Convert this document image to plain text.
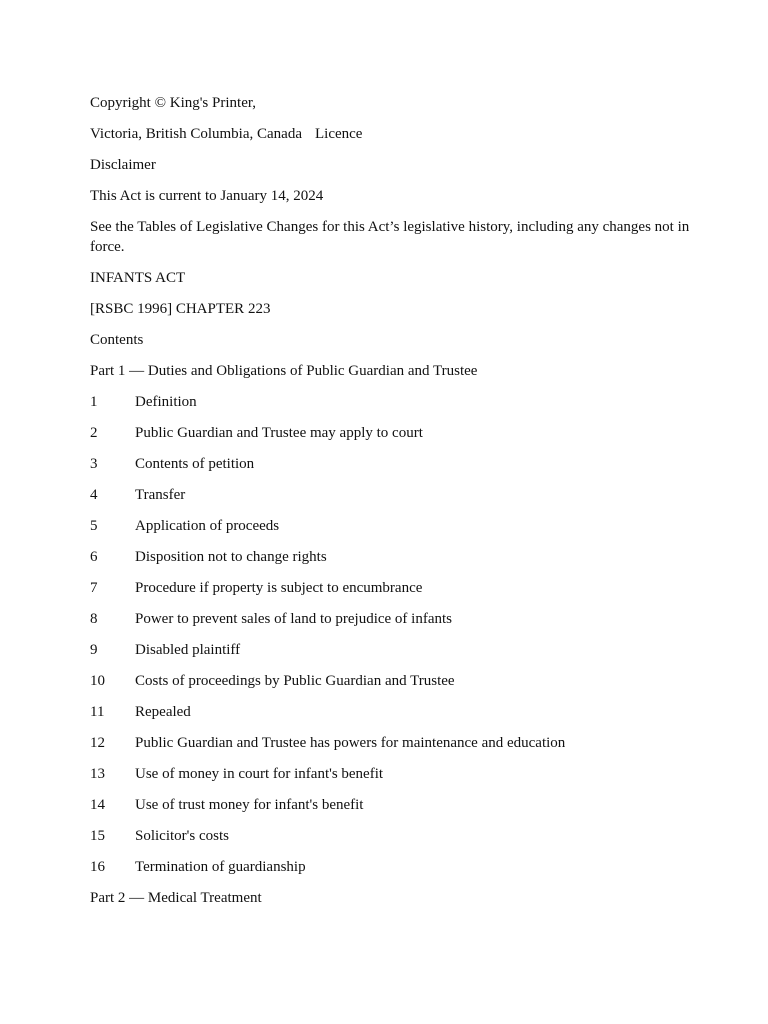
Copyright © King's Printer,
Victoria, British Columbia, Canada Licence
Disclaimer
This Act is current to January 14, 2024
See the Tables of Legislative Changes for this Act’s legislative history, including any changes not in force.
INFANTS ACT
[RSBC 1996] CHAPTER 223
Contents
Part 1 — Duties and Obligations of Public Guardian and Trustee
1	Definition
2	Public Guardian and Trustee may apply to court
3	Contents of petition
4	Transfer
5	Application of proceeds
6	Disposition not to change rights
7	Procedure if property is subject to encumbrance
8	Power to prevent sales of land to prejudice of infants
9	Disabled plaintiff
10	Costs of proceedings by Public Guardian and Trustee
11	Repealed
12	Public Guardian and Trustee has powers for maintenance and education
13	Use of money in court for infant's benefit
14	Use of trust money for infant's benefit
15	Solicitor's costs
16	Termination of guardianship
Part 2 — Medical Treatment
